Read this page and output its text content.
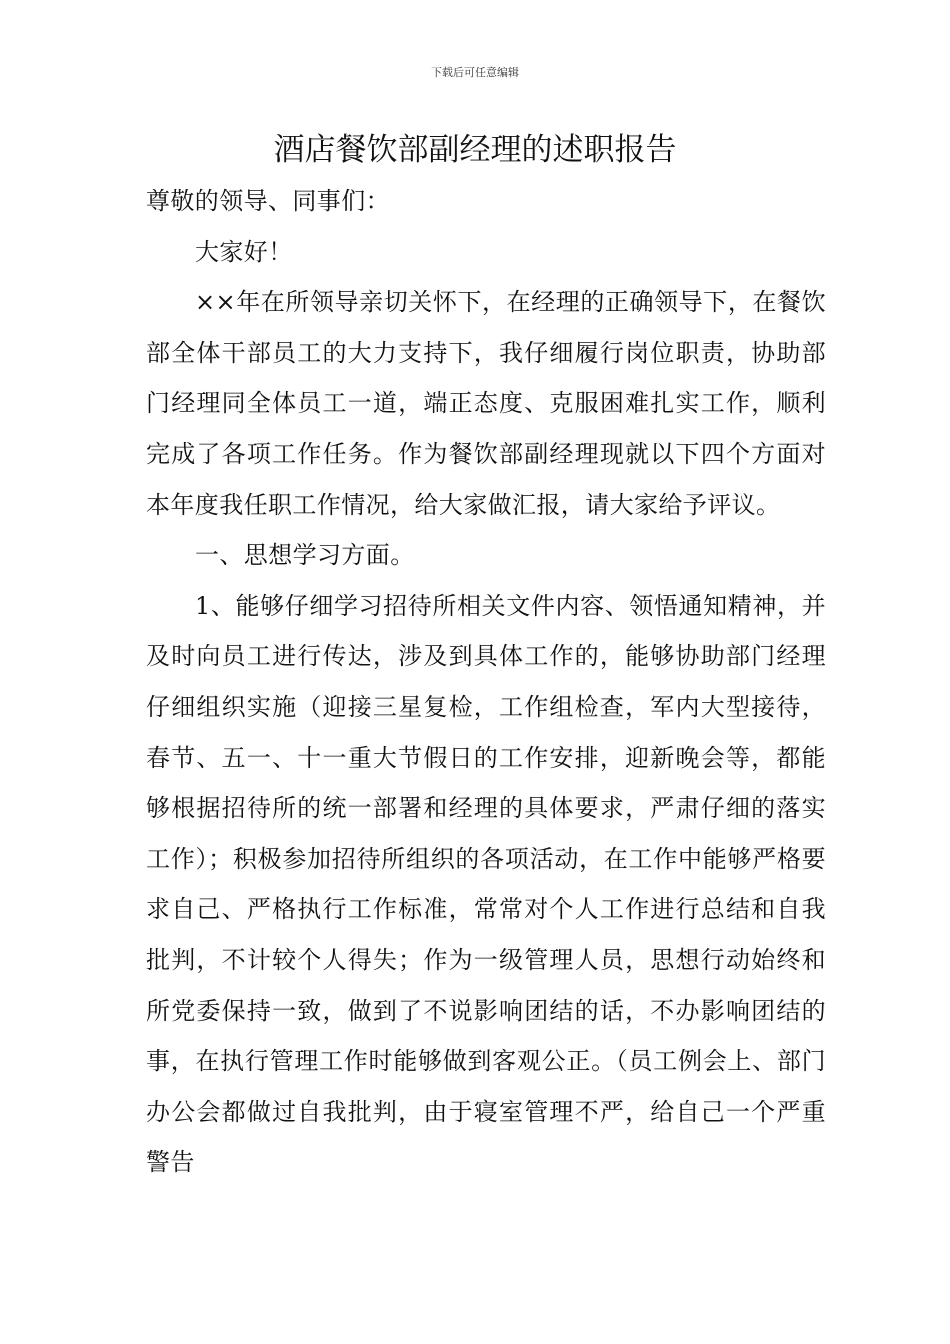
下载后可任意编辑
酒店餐饮部副经理的述职报告

尊敬的领导、同事们：

大家好！

××年在所领导亲切关怀下，在经理的正确领导下，在餐饮部全体干部员工的大力支持下，我仔细履行岗位职责，协助部门经理同全体员工一道，端正态度、克服困难扎实工作，顺利完成了各项工作任务。作为餐饮部副经理现就以下四个方面对本年度我任职工作情况，给大家做汇报，请大家给予评议。

一、思想学习方面。

1、能够仔细学习招待所相关文件内容、领悟通知精神，并及时向员工进行传达，涉及到具体工作的，能够协助部门经理仔细组织实施（迎接三星复检，工作组检查，军内大型接待，春节、五一、十一重大节假日的工作安排，迎新晚会等，都能够根据招待所的统一部署和经理的具体要求，严肃仔细的落实工作）；积极参加招待所组织的各项活动，在工作中能够严格要求自己、严格执行工作标准，常常对个人工作进行总结和自我批判，不计较个人得失；作为一级管理人员，思想行动始终和所党委保持一致，做到了不说影响团结的话，不办影响团结的事，在执行管理工作时能够做到客观公正。（员工例会上、部门办公会都做过自我批判，由于寝室管理不严，给自己一个严重警告
